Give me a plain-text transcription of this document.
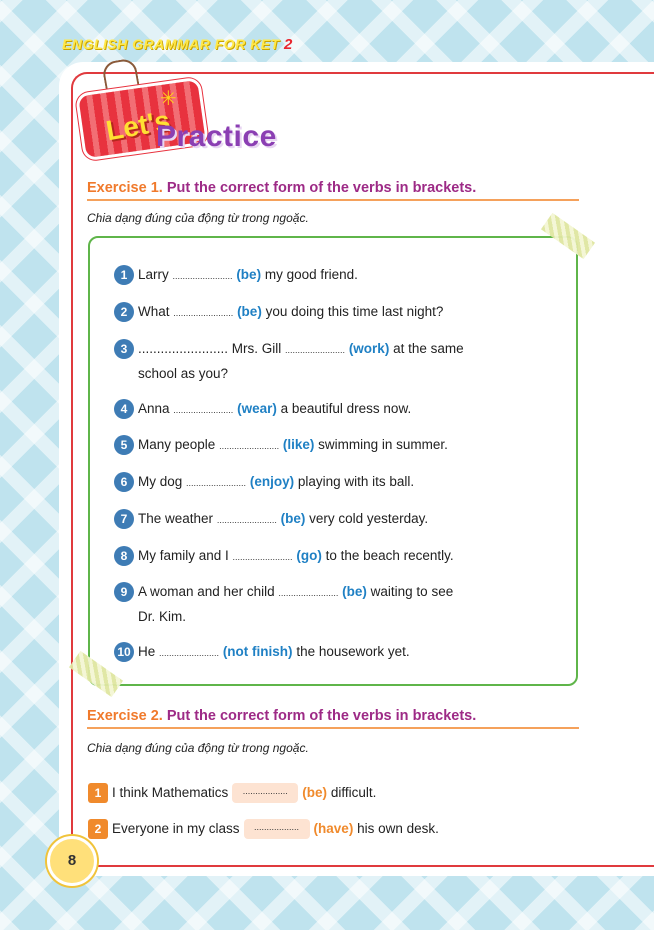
ENGLISH GRAMMAR FOR KET 2
✳
Let's
Practice
Exercise 1. Put the correct form of the verbs in brackets.
Chia dạng đúng của động từ trong ngoặc.
1 Larry ........................ (be) my good friend.
2 What ........................ (be) you doing this time last night?
3 ........................ Mrs. Gill ........................ (work) at the same
school as you?
4 Anna ........................ (wear) a beautiful dress now.
5 Many people ........................ (like) swimming in summer.
6 My dog ........................ (enjoy) playing with its ball.
7 The weather ........................ (be) very cold yesterday.
8 My family and I ........................ (go) to the beach recently.
9 A woman and her child ........................ (be) waiting to see
Dr. Kim.
10 He ........................ (not finish) the housework yet.
Exercise 2. Put the correct form of the verbs in brackets.
Chia dạng đúng của động từ trong ngoặc.
1 I think Mathematics .................. (be) difficult.
2 Everyone in my class .................. (have) his own desk.
8
